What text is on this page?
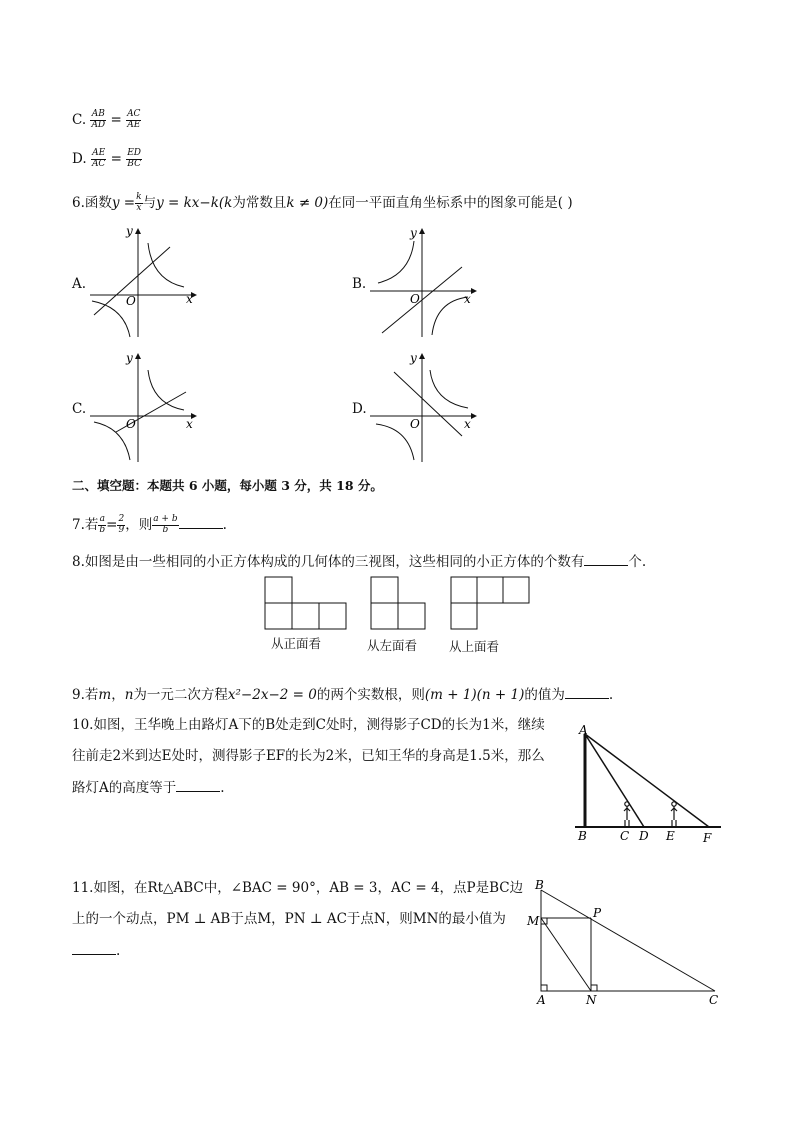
C. $\frac{AB}{AD} = \frac{AC}{AE}$
D. $\frac{AE}{AC} = \frac{ED}{BC}$
6.函数$y = \frac{k}{x}$ 与y = kx−k(k为常数且k ≠ 0)在同一平面直角坐标系中的图象可能是( )
A.	B.
C.	D.
y
x
O
y
x
O
y
x
O
y
x
O
二、填空题：本题共 6 小题，每小题 3 分，共 18 分。
7.若 $\frac{a}{b} = \frac{2}{9}$ ，则 $\frac{a + b}{b}$	.
8.如图是由一些相同的小正方体构成的几何体的三视图，这些相同的小正方体的个数有	个.
从正面看	从左面看	从上面看
9.若m，n为一元二次方程x²−2x−2 = 0的两个实数根，则(m + 1)(n + 1)的值为	.
10.如图，王华晚上由路灯A下的B处走到C处时，测得影子CD的长为1米，继续
往前走2米到达E处时，测得影子EF的长为2米，已知王华的身高是1.5米，那么
路灯A的高度等于	.
A
B	C D E F
11.如图，在Rt△ABC中，∠BAC = 90°，AB = 3，AC = 4，点P是BC边
上的一个动点，PM ⊥ AB于点M，PN ⊥ AC于点N，则MN的最小值为
.
B
M
P
A	N	C
